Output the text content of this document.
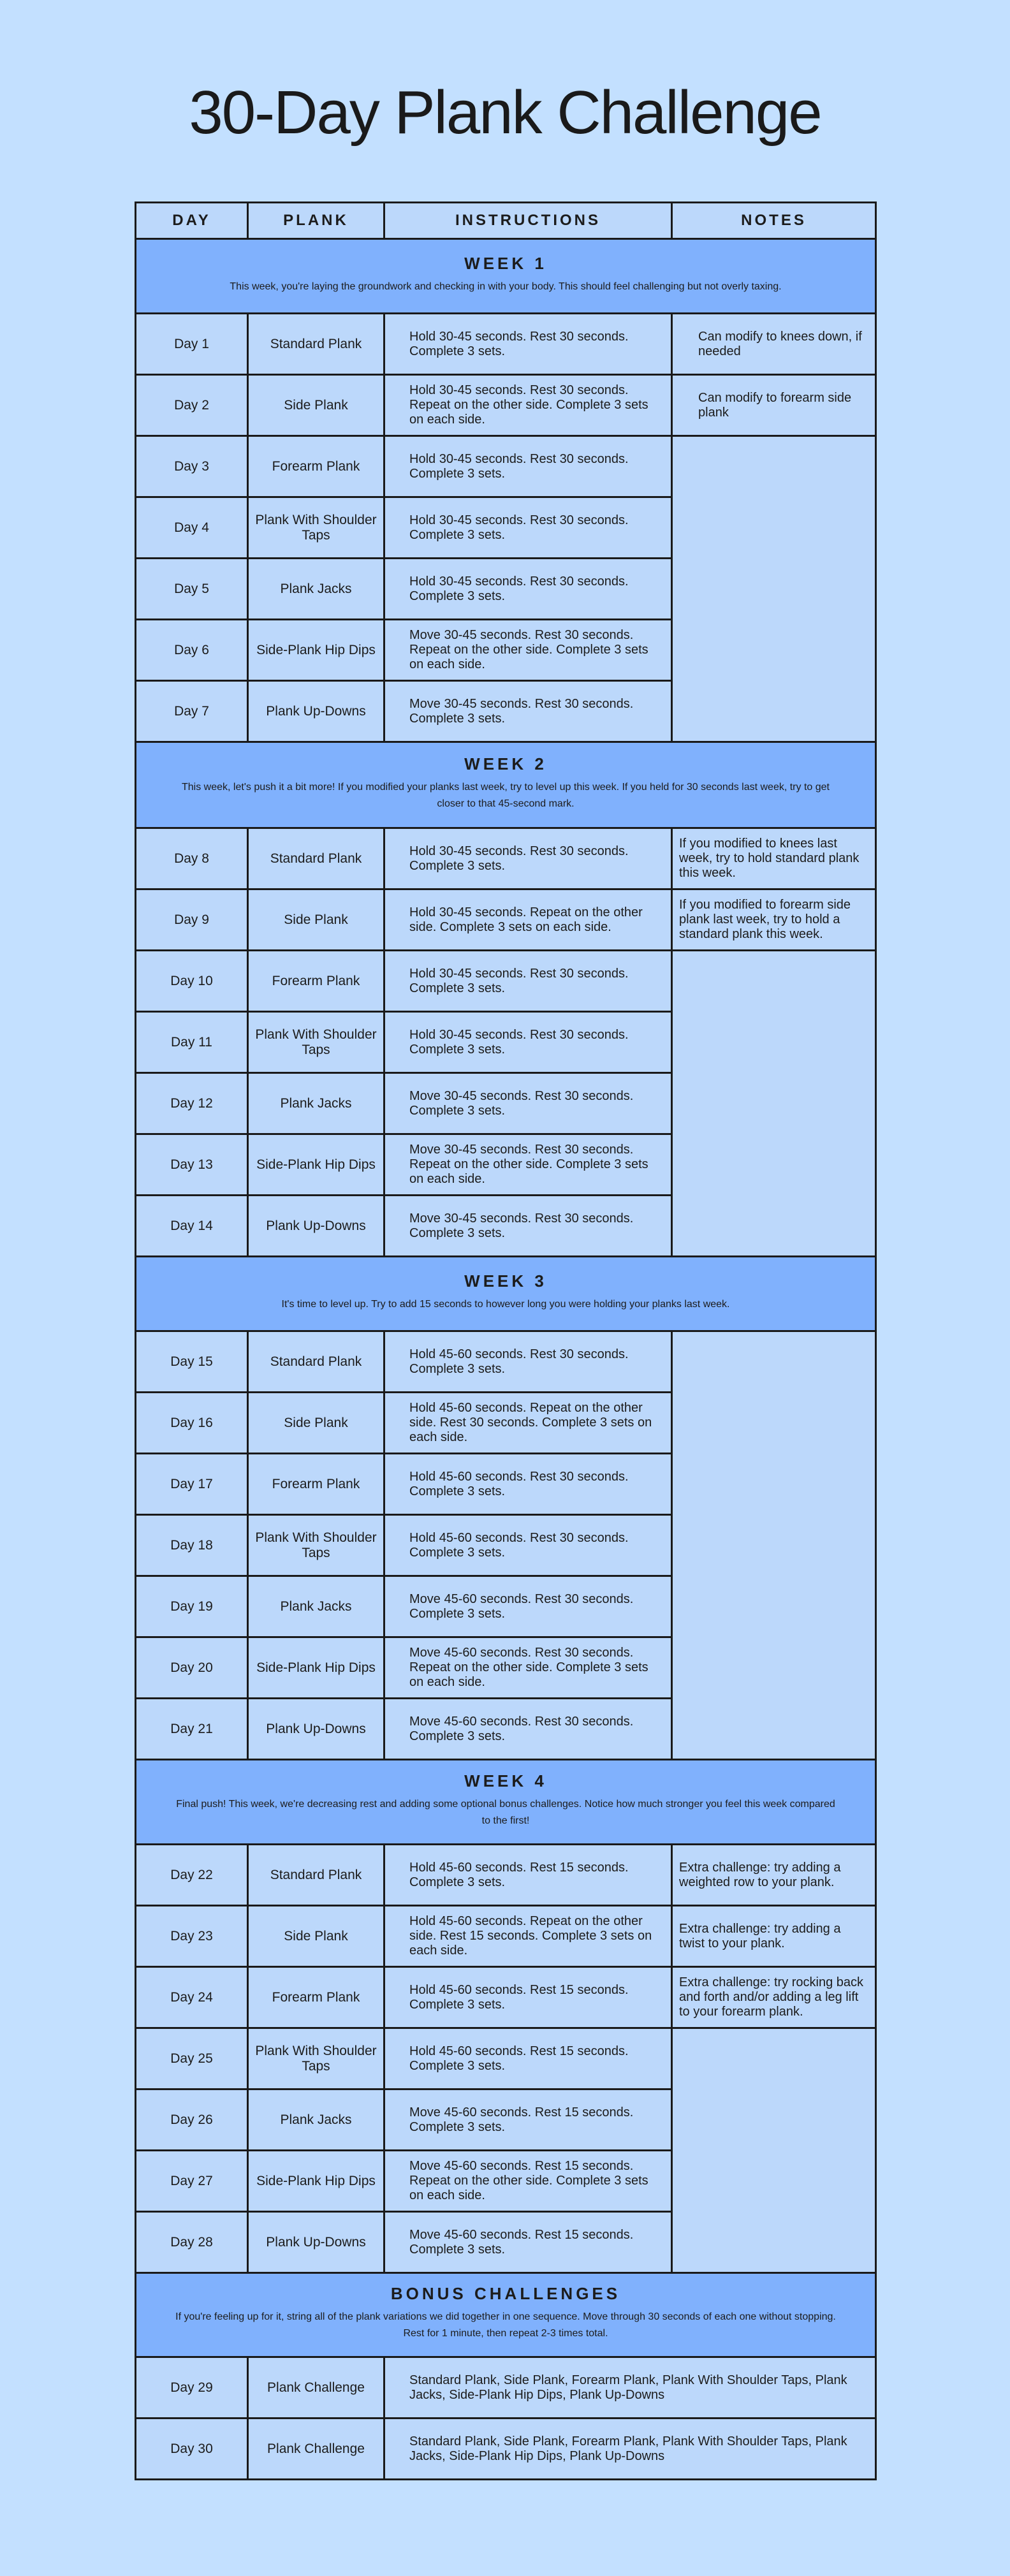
30-Day Plank Challenge
DAY	PLANK	INSTRUCTIONS	NOTES

WEEK 1
This week, you're laying the groundwork and checking in with your body. This should feel challenging but not overly taxing.			

Day 1	Standard Plank	Hold 30-45 seconds. Rest 30 seconds. Complete 3 sets.	Can modify to knees down, if needed
Day 2	Side Plank	Hold 30-45 seconds. Rest 30 seconds. Repeat on the other side. Complete 3 sets on each side.	Can modify to forearm side plank
Day 3	Forearm Plank	Hold 30-45 seconds. Rest 30 seconds. Complete 3 sets.	
Day 4	Plank With Shoulder Taps	Hold 30-45 seconds. Rest 30 seconds. Complete 3 sets.	
Day 5	Plank Jacks	Hold 30-45 seconds. Rest 30 seconds. Complete 3 sets.	
Day 6	Side-Plank Hip Dips	Move 30-45 seconds. Rest 30 seconds. Repeat on the other side. Complete 3 sets on each side.	
Day 7	Plank Up-Downs	Move 30-45 seconds. Rest 30 seconds. Complete 3 sets.	

WEEK 2
This week, let's push it a bit more! If you modified your planks last week, try to level up this week. If you held for 30 seconds last week, try to get closer to that 45-second mark.			

Day 8	Standard Plank	Hold 30-45 seconds. Rest 30 seconds. Complete 3 sets.	If you modified to knees last week, try to hold standard plank this week.
Day 9	Side Plank	Hold 30-45 seconds. Repeat on the other side. Complete 3 sets on each side.	If you modified to forearm side plank last week, try to hold a standard plank this week.
Day 10	Forearm Plank	Hold 30-45 seconds. Rest 30 seconds. Complete 3 sets.	
Day 11	Plank With Shoulder Taps	Hold 30-45 seconds. Rest 30 seconds. Complete 3 sets.	
Day 12	Plank Jacks	Move 30-45 seconds. Rest 30 seconds. Complete 3 sets.	
Day 13	Side-Plank Hip Dips	Move 30-45 seconds. Rest 30 seconds. Repeat on the other side. Complete 3 sets on each side.	
Day 14	Plank Up-Downs	Move 30-45 seconds. Rest 30 seconds. Complete 3 sets.	

WEEK 3
It's time to level up. Try to add 15 seconds to however long you were holding your planks last week.			

Day 15	Standard Plank	Hold 45-60 seconds. Rest 30 seconds. Complete 3 sets.	
Day 16	Side Plank	Hold 45-60 seconds. Repeat on the other side. Rest 30 seconds. Complete 3 sets on each side.	
Day 17	Forearm Plank	Hold 45-60 seconds. Rest 30 seconds. Complete 3 sets.	
Day 18	Plank With Shoulder Taps	Hold 45-60 seconds. Rest 30 seconds. Complete 3 sets.	
Day 19	Plank Jacks	Move 45-60 seconds. Rest 30 seconds. Complete 3 sets.	
Day 20	Side-Plank Hip Dips	Move 45-60 seconds. Rest 30 seconds. Repeat on the other side. Complete 3 sets on each side.	
Day 21	Plank Up-Downs	Move 45-60 seconds. Rest 30 seconds. Complete 3 sets.	

WEEK 4
Final push! This week, we're decreasing rest and adding some optional bonus challenges. Notice how much stronger you feel this week compared to the first!			

Day 22	Standard Plank	Hold 45-60 seconds. Rest 15 seconds. Complete 3 sets.	Extra challenge: try adding a weighted row to your plank.
Day 23	Side Plank	Hold 45-60 seconds. Repeat on the other side. Rest 15 seconds. Complete 3 sets on each side.	Extra challenge: try adding a twist to your plank.
Day 24	Forearm Plank	Hold 45-60 seconds. Rest 15 seconds. Complete 3 sets.	Extra challenge: try rocking back and forth and/or adding a leg lift to your forearm plank.
Day 25	Plank With Shoulder Taps	Hold 45-60 seconds. Rest 15 seconds. Complete 3 sets.	
Day 26	Plank Jacks	Move 45-60 seconds. Rest 15 seconds. Complete 3 sets.	
Day 27	Side-Plank Hip Dips	Move 45-60 seconds. Rest 15 seconds. Repeat on the other side. Complete 3 sets on each side.	
Day 28	Plank Up-Downs	Move 45-60 seconds. Rest 15 seconds. Complete 3 sets.	

BONUS CHALLENGES
If you're feeling up for it, string all of the plank variations we did together in one sequence. Move through 30 seconds of each one without stopping. Rest for 1 minute, then repeat 2-3 times total.			

Day 29	Plank Challenge	Standard Plank, Side Plank, Forearm Plank, Plank With Shoulder Taps, Plank Jacks, Side-Plank Hip Dips, Plank Up-Downs	
Day 30	Plank Challenge	Standard Plank, Side Plank, Forearm Plank, Plank With Shoulder Taps, Plank Jacks, Side-Plank Hip Dips, Plank Up-Downs	
